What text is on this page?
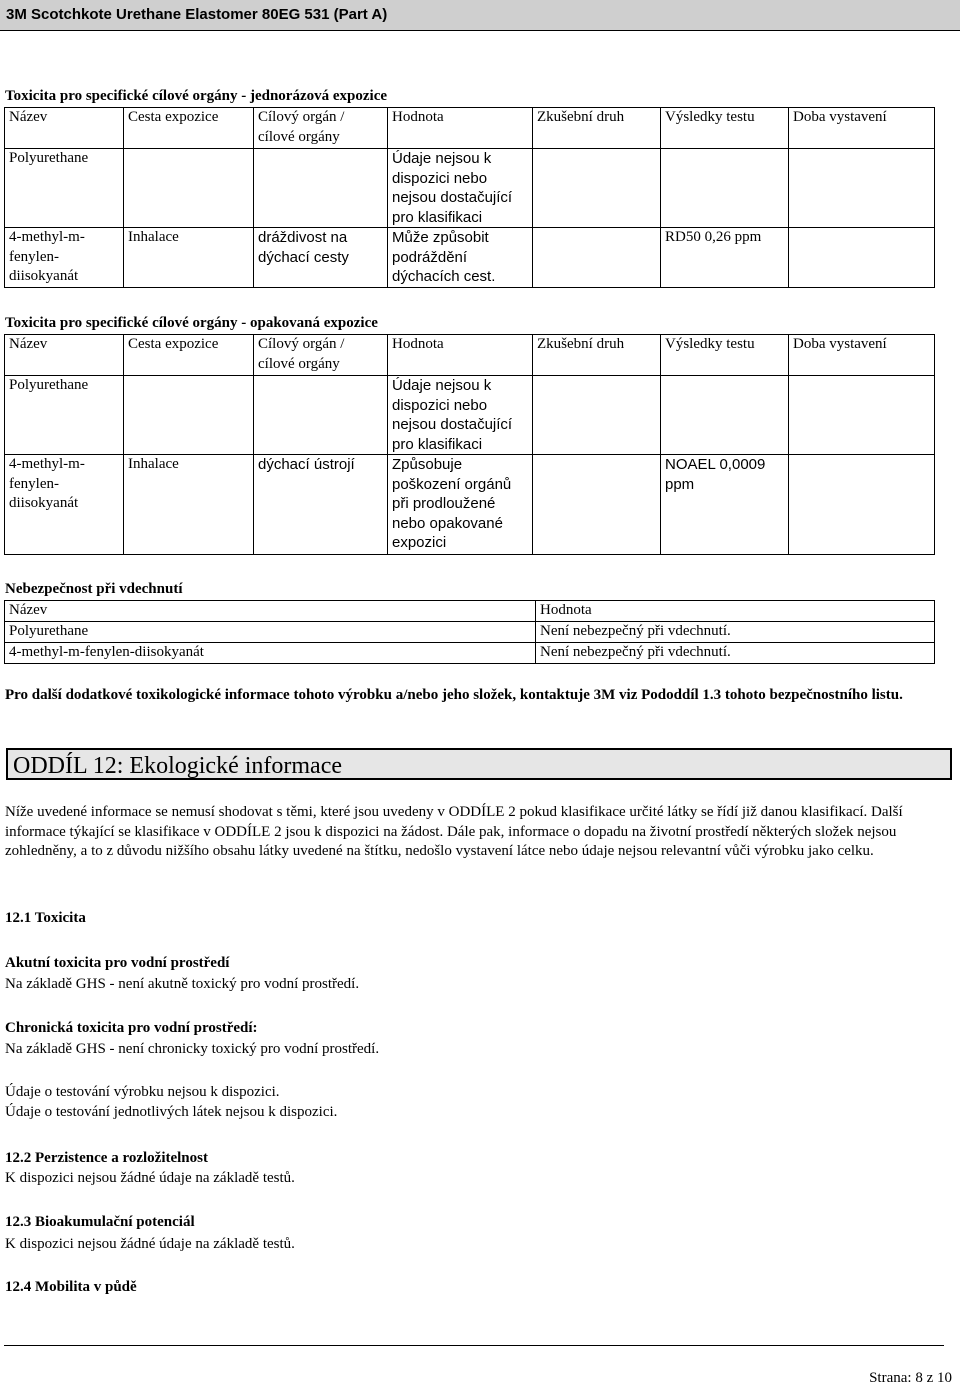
3M Scotchkote Urethane Elastomer 80EG 531 (Part A)
Toxicita pro specifické cílové orgány - jednorázová expozice
Název	Cesta expozice	Cílový orgán / cílové orgány	Hodnota	Zkušební druh	Výsledky testu	Doba vystavení
Polyurethane			Údaje nejsou k dispozici nebo nejsou dostačující pro klasifikaci			
4-methyl-m-fenylen-diisokyanát	Inhalace	dráždivost na dýchací cesty	Může způsobit podráždění dýchacích cest.		RD50 0,26 ppm	
Toxicita pro specifické cílové orgány - opakovaná expozice
Název	Cesta expozice	Cílový orgán / cílové orgány	Hodnota	Zkušební druh	Výsledky testu	Doba vystavení
Polyurethane			Údaje nejsou k dispozici nebo nejsou dostačující pro klasifikaci			
4-methyl-m-fenylen-diisokyanát	Inhalace	dýchací ústrojí	Způsobuje poškození orgánů při prodloužené nebo opakované expozici		NOAEL 0,0009 ppm	
Nebezpečnost při vdechnutí
Název	Hodnota
Polyurethane	Není nebezpečný při vdechnutí.
4-methyl-m-fenylen-diisokyanát	Není nebezpečný při vdechnutí.
Pro další dodatkové toxikologické informace tohoto výrobku a/nebo jeho složek, kontaktuje 3M viz Pododdíl 1.3 tohoto bezpečnostního listu.
ODDÍL 12: Ekologické informace
Níže uvedené informace se nemusí shodovat s těmi, které jsou uvedeny v ODDÍLE 2 pokud klasifikace určité látky se řídí již danou klasifikací. Další informace týkající se klasifikace v ODDÍLE 2 jsou k dispozici na žádost. Dále pak, informace o dopadu na životní prostředí některých složek nejsou zohledněny, a to z důvodu nižšího obsahu látky uvedené na štítku, nedošlo vystavení látce nebo údaje nejsou relevantní vůči výrobku jako celku.
12.1 Toxicita
Akutní toxicita pro vodní prostředí
Na základě GHS - není akutně toxický pro vodní prostředí.
Chronická toxicita pro vodní prostředí:
Na základě GHS - není chronicky toxický pro vodní prostředí.
Údaje o testování výrobku nejsou k dispozici.
Údaje o testování jednotlivých látek nejsou k dispozici.
12.2 Perzistence a rozložitelnost
K dispozici nejsou žádné údaje na základě testů.
12.3 Bioakumulační potenciál
K dispozici nejsou žádné údaje na základě testů.
12.4 Mobilita v půdě
Strana: 8 z 10
